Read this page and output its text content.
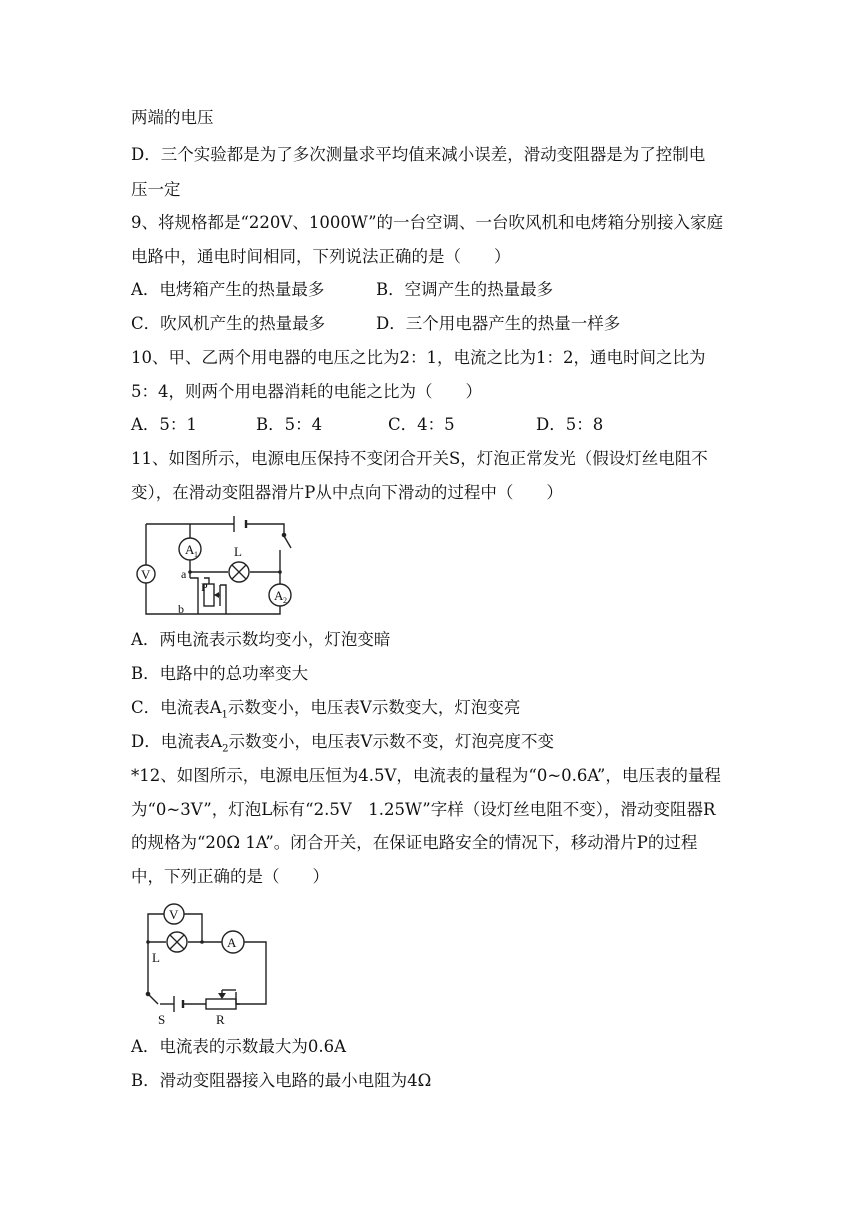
两端的电压
D．三个实验都是为了多次测量求平均值来减小误差，滑动变阻器是为了控制电
压一定
9、将规格都是“220V、1000W”的一台空调、一台吹风机和电烤箱分别接入家庭
电路中，通电时间相同，下列说法正确的是（　　）
A．电烤箱产生的热量最多	B．空调产生的热量最多
C．吹风机产生的热量最多	D．三个用电器产生的热量一样多
10、甲、乙两个用电器的电压之比为2：1，电流之比为1：2，通电时间之比为
5：4，则两个用电器消耗的电能之比为（　　）
A．5：1	B．5：4	C．4：5	D．5：8
11、如图所示，电源电压保持不变闭合开关S，灯泡正常发光（假设灯丝电阻不
变），在滑动变阻器滑片P从中点向下滑动的过程中（　　）
A 1
V
L
A 2
a
b
P
A．两电流表示数均变小，灯泡变暗
B．电路中的总功率变大
C．电流表$A_1$示数变小，电压表V示数变大，灯泡变亮
D．电流表$A_2$示数变小，电压表V示数不变，灯泡亮度不变
*12、如图所示，电源电压恒为4.5V，电流表的量程为“0~0.6A”，电压表的量程
为“0~3V”，灯泡L标有“2.5V　1.25W”字样（设灯丝电阻不变），滑动变阻器R
的规格为“20Ω 1A”。闭合开关，在保证电路安全的情况下，移动滑片P的过程
中，下列正确的是（　　）
V
A
L
S	R
A．电流表的示数最大为0.6A
B．滑动变阻器接入电路的最小电阻为4Ω
